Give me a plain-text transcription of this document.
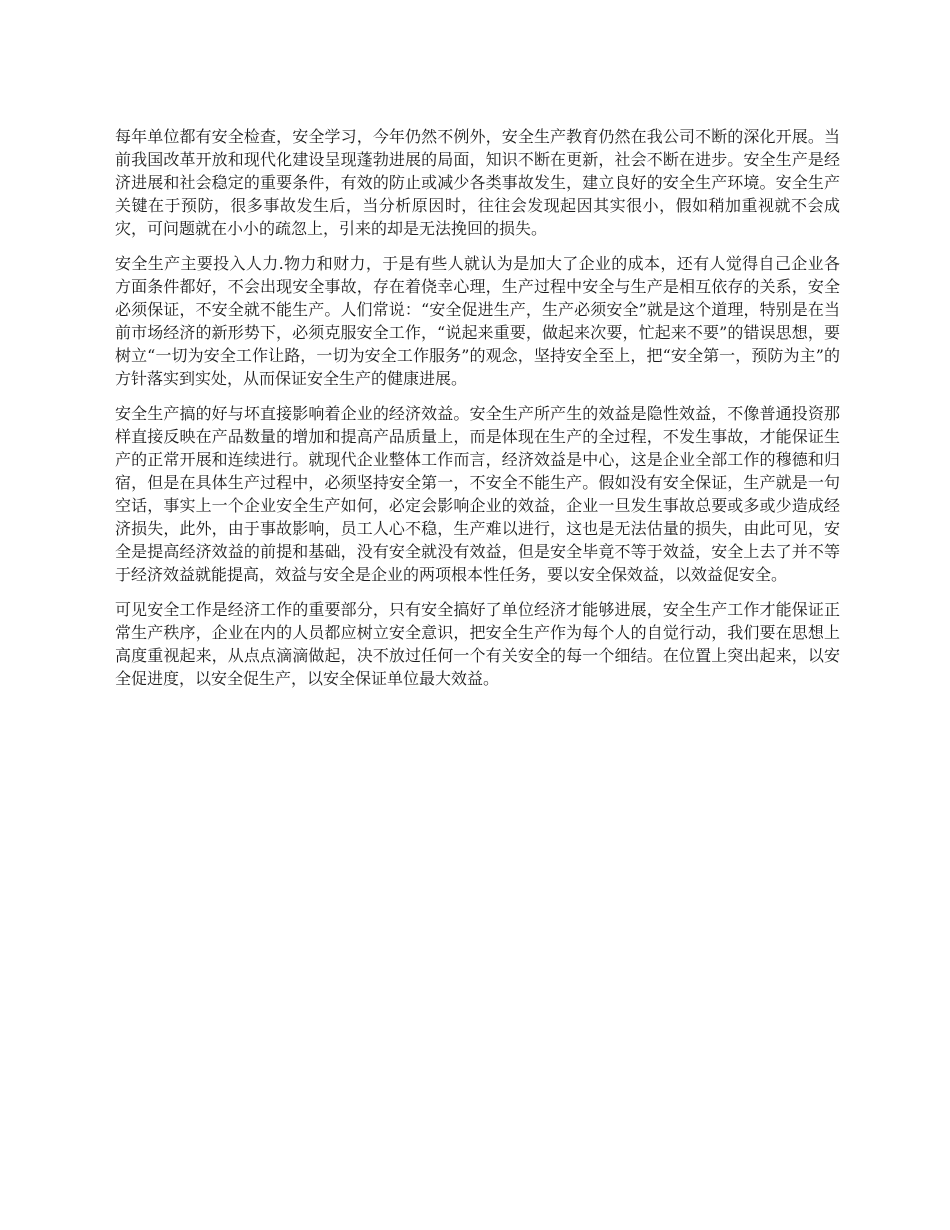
每年单位都有安全检查，安全学习，今年仍然不例外，安全生产教育仍然在我公司不断的深化开展。当前我国改革开放和现代化建设呈现蓬勃进展的局面，知识不断在更新，社会不断在进步。安全生产是经济进展和社会稳定的重要条件，有效的防止或减少各类事故发生，建立良好的安全生产环境。安全生产关键在于预防，很多事故发生后，当分析原因时，往往会发现起因其实很小，假如稍加重视就不会成灾，可问题就在小小的疏忽上，引来的却是无法挽回的损失。

安全生产主要投入人力.物力和财力，于是有些人就认为是加大了企业的成本，还有人觉得自己企业各方面条件都好，不会出现安全事故，存在着侥幸心理，生产过程中安全与生产是相互依存的关系，安全必须保证，不安全就不能生产。人们常说：“安全促进生产，生产必须安全”就是这个道理，特别是在当前市场经济的新形势下，必须克服安全工作，“说起来重要，做起来次要，忙起来不要”的错误思想，要树立“一切为安全工作让路，一切为安全工作服务”的观念，坚持安全至上，把“安全第一，预防为主”的方针落实到实处，从而保证安全生产的健康进展。

安全生产搞的好与坏直接影响着企业的经济效益。安全生产所产生的效益是隐性效益，不像普通投资那样直接反映在产品数量的增加和提高产品质量上，而是体现在生产的全过程，不发生事故，才能保证生产的正常开展和连续进行。就现代企业整体工作而言，经济效益是中心，这是企业全部工作的穆德和归宿，但是在具体生产过程中，必须坚持安全第一，不安全不能生产。假如没有安全保证，生产就是一句空话，事实上一个企业安全生产如何，必定会影响企业的效益，企业一旦发生事故总要或多或少造成经济损失，此外，由于事故影响，员工人心不稳，生产难以进行，这也是无法估量的损失，由此可见，安全是提高经济效益的前提和基础，没有安全就没有效益，但是安全毕竟不等于效益，安全上去了并不等于经济效益就能提高，效益与安全是企业的两项根本性任务，要以安全保效益，以效益促安全。

可见安全工作是经济工作的重要部分，只有安全搞好了单位经济才能够进展，安全生产工作才能保证正常生产秩序，企业在内的人员都应树立安全意识，把安全生产作为每个人的自觉行动，我们要在思想上高度重视起来，从点点滴滴做起，决不放过任何一个有关安全的每一个细结。在位置上突出起来，以安全促进度，以安全促生产，以安全保证单位最大效益。
